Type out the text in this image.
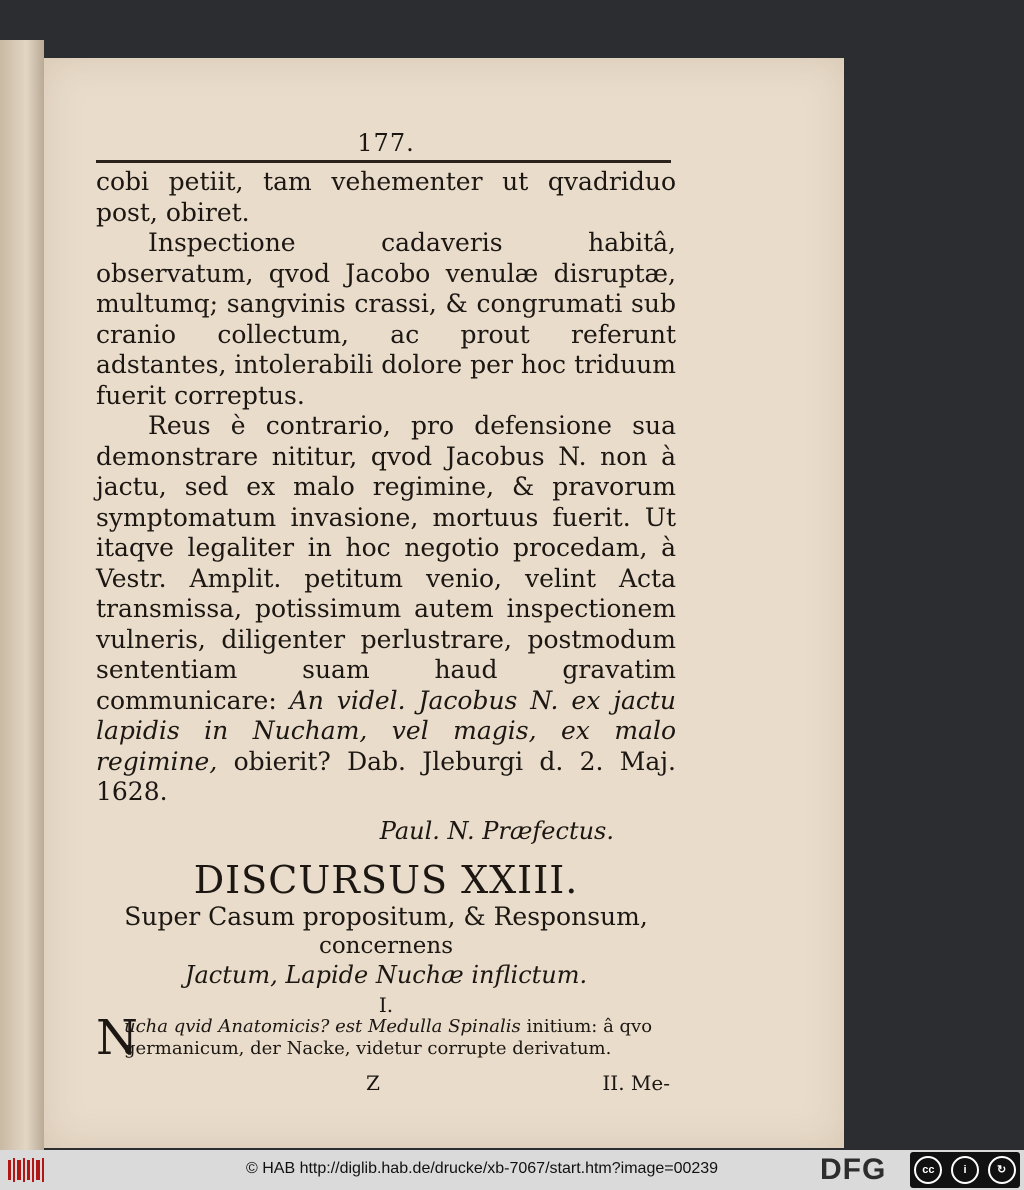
177.

cobi petiit, tam vehementer ut qvadriduo post, obiret.

Inspectione cadaveris habitâ, observatum, qvod Jacobo venulæ disruptæ, multumq; sangvinis crassi, & congrumati sub cranio collectum, ac prout referunt adstantes, intolerabili dolore per hoc triduum fuerit correptus.

Reus è contrario, pro defensione sua demonstrare nititur, qvod Jacobus N. non à jactu, sed ex malo regimine, & pravorum symptomatum invasione, mortuus fuerit. Ut itaqve legaliter in hoc negotio procedam, à Vestr. Amplit. petitum venio, velint Acta transmissa, potissimum autem inspectionem vulneris, diligenter perlustrare, postmodum sententiam suam haud gravatim communicare: An videl. Jacobus N. ex jactu lapidis in Nucham, vel magis, ex malo regimine, obierit? Dab. Jleburgi d. 2. Maj. 1628.

Paul. N. Præfectus.
DISCURSUS XXIII.
Super Casum propositum, & Responsum,
concernens
Jactum, Lapide Nuchæ inflictum.
I.
N
ucha qvid Anatomicis? est Medulla Spinalis initium: â qvo germanicum, der Nacke, videtur corrupte derivatum.
Z	II. Me-
© HAB http://diglib.hab.de/drucke/xb-7067/start.htm?image=00239	DFG	cc	i	↻
